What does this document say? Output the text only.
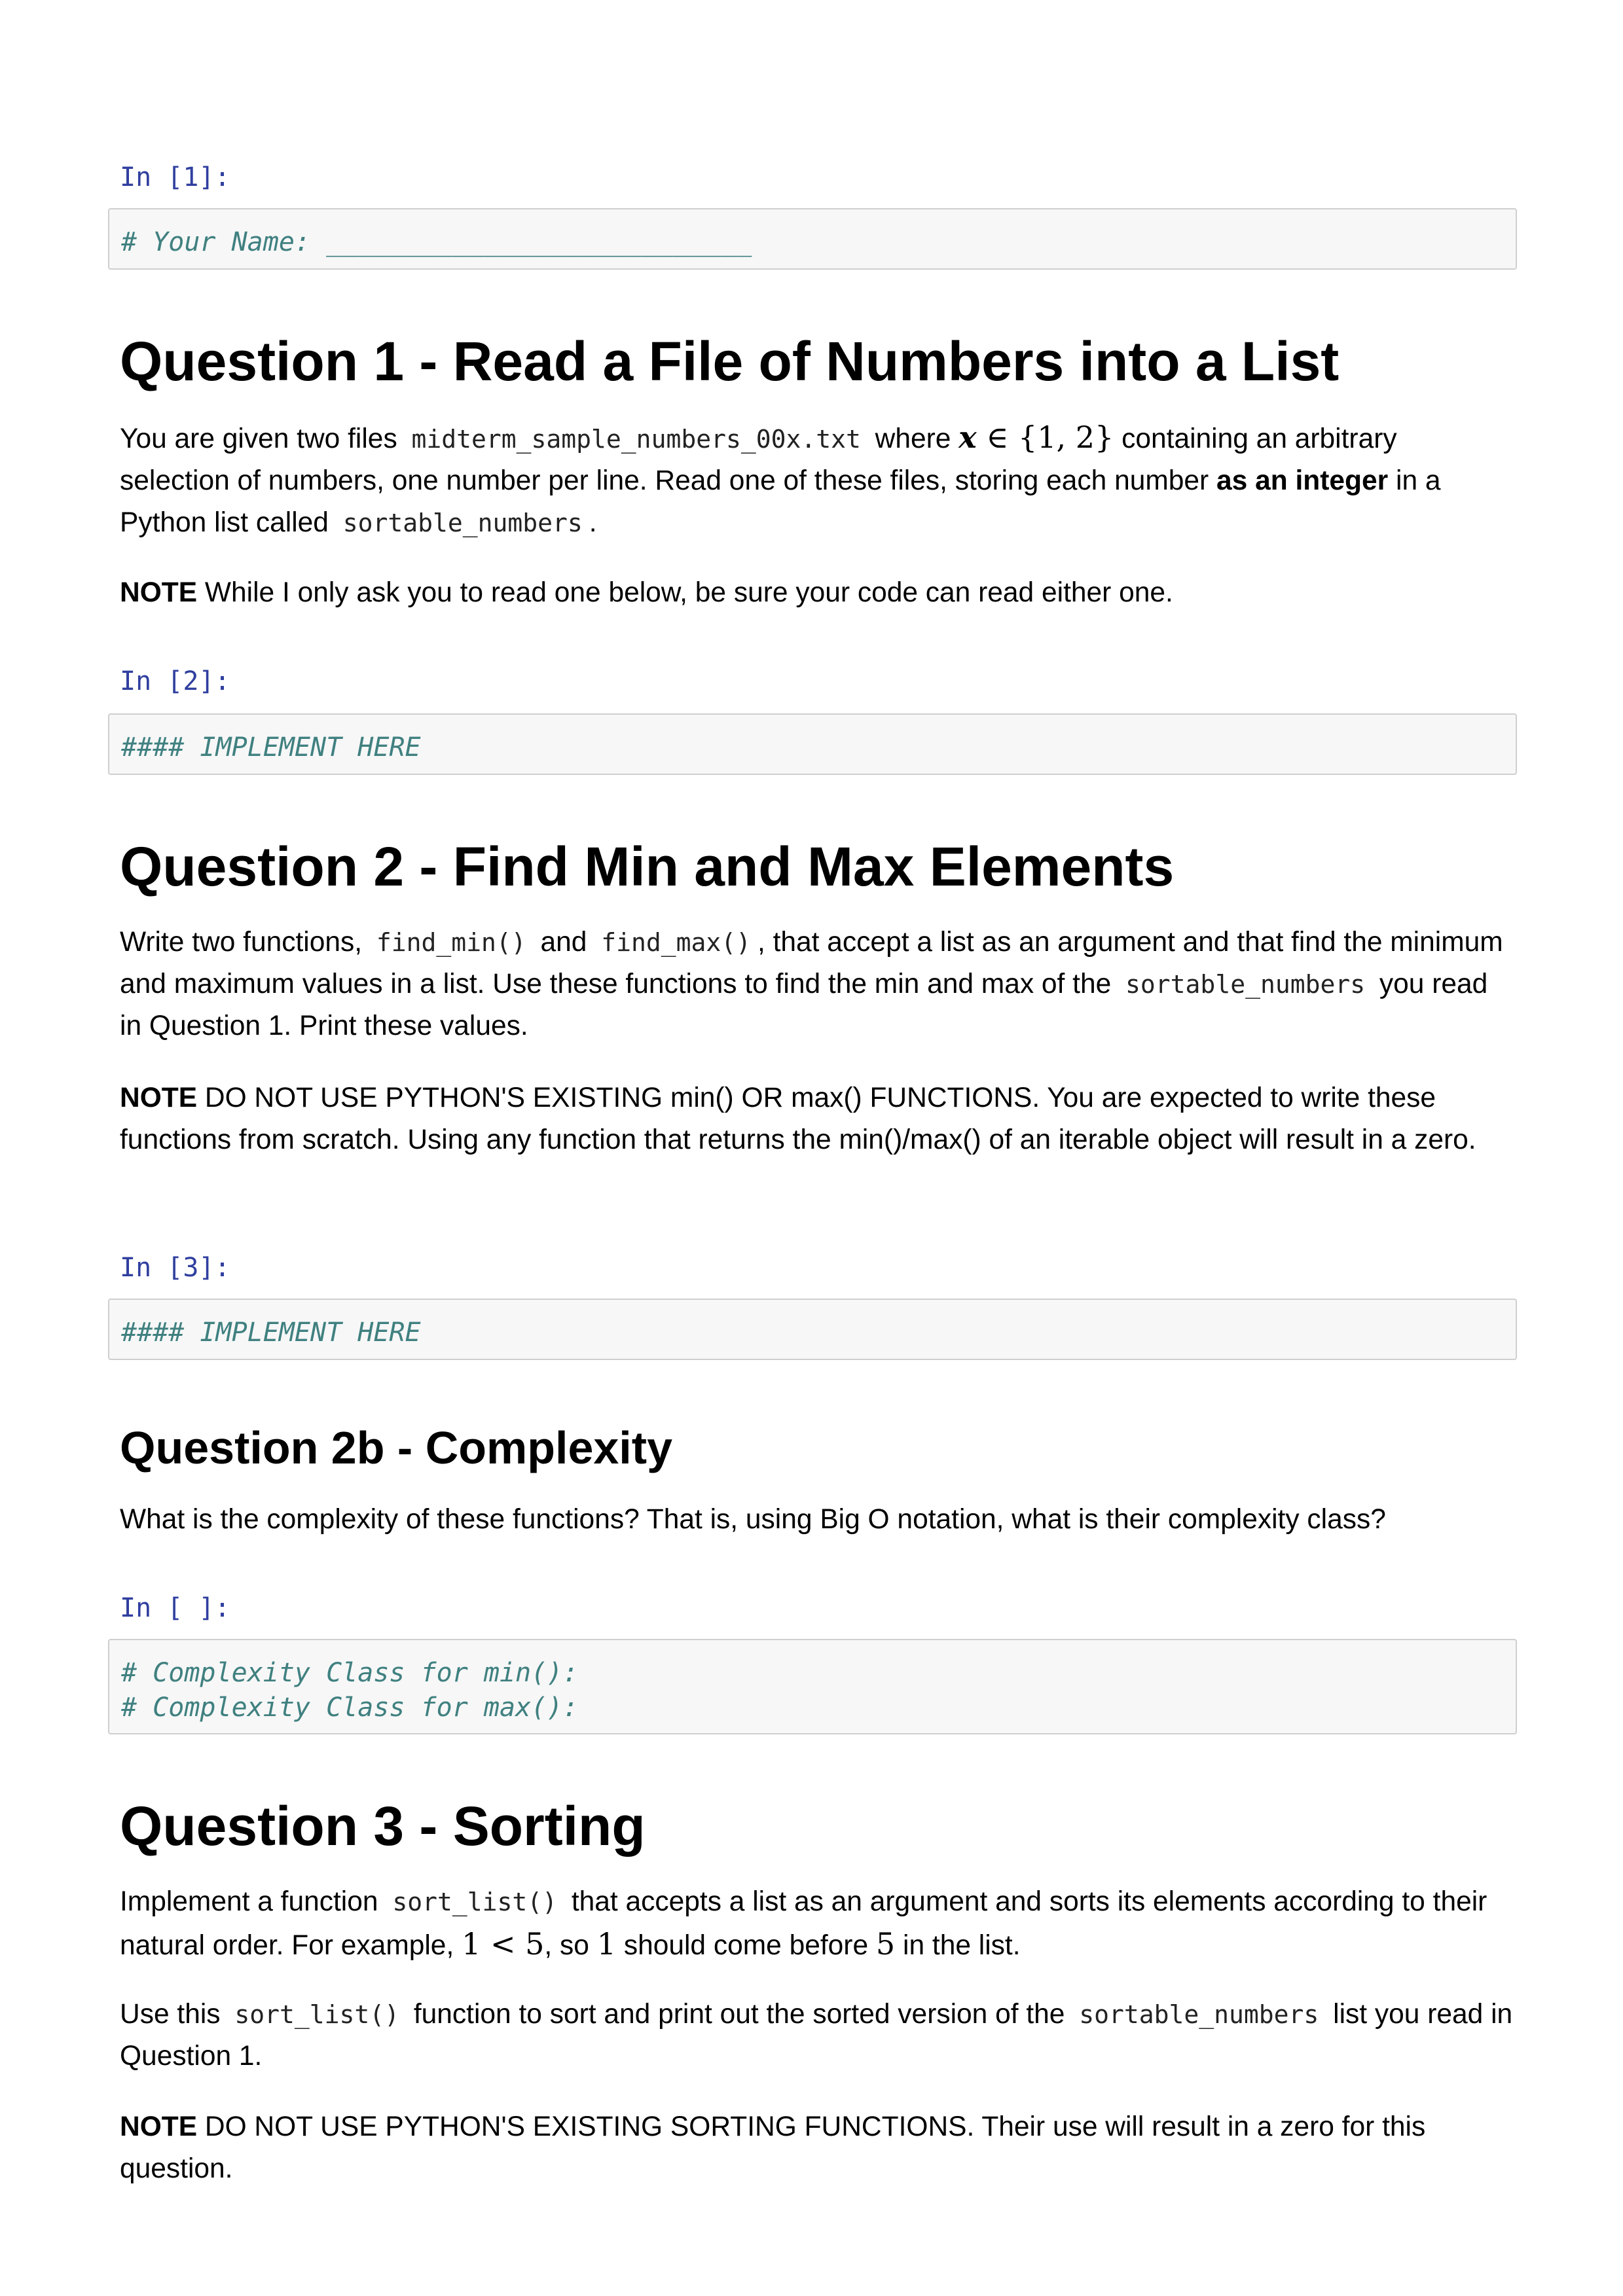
In [1]:
# Your Name: ___________________________
Question 1 - Read a File of Numbers into a List
You are given two files midterm_sample_numbers_00x.txt where x ∈ {1, 2} containing an arbitrary selection of numbers, one number per line. Read one of these files, storing each number as an integer in a Python list called sortable_numbers .
NOTE While I only ask you to read one below, be sure your code can read either one.
In [2]:
#### IMPLEMENT HERE
Question 2 - Find Min and Max Elements
Write two functions, find_min() and find_max() , that accept a list as an argument and that find the minimum and maximum values in a list. Use these functions to find the min and max of the sortable_numbers you read in Question 1. Print these values.
NOTE DO NOT USE PYTHON'S EXISTING min() OR max() FUNCTIONS. You are expected to write these functions from scratch. Using any function that returns the min()/max() of an iterable object will result in a zero.
In [3]:
#### IMPLEMENT HERE
Question 2b - Complexity
What is the complexity of these functions? That is, using Big O notation, what is their complexity class?
In [ ]:
# Complexity Class for min():
# Complexity Class for max():
Question 3 - Sorting
Implement a function sort_list() that accepts a list as an argument and sorts its elements according to their natural order. For example, 1 < 5, so 1 should come before 5 in the list.
Use this sort_list() function to sort and print out the sorted version of the sortable_numbers list you read in Question 1.
NOTE DO NOT USE PYTHON'S EXISTING SORTING FUNCTIONS. Their use will result in a zero for this question.
